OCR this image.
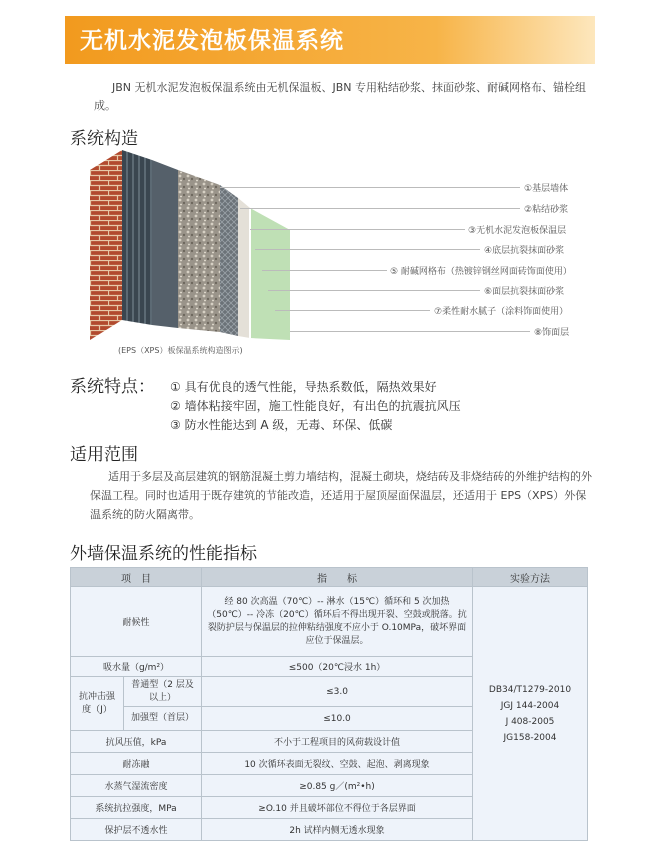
无机水泥发泡板保温系统
JBN 无机水泥发泡板保温系统由无机保温板、JBN 专用粘结砂浆、抹面砂浆、耐碱网格布、锚栓组成。
系统构造
①基层墙体
②粘结砂浆
③无机水泥发泡板保温层
④底层抗裂抹面砂浆
⑤ 耐碱网格布（热镀锌钢丝网面砖饰面使用）
⑥面层抗裂抹面砂浆
⑦柔性耐水腻子（涂料饰面使用）
⑧饰面层
(EPS（XPS）板保温系统构造图示)
系统特点： ① 具有优良的透气性能，导热系数低，隔热效果好
② 墙体粘接牢固，施工性能良好，有出色的抗震抗风压
③ 防水性能达到 A 级，无毒、环保、低碳
适用范围
适用于多层及高层建筑的钢筋混凝土剪力墙结构，混凝土砌块，烧结砖及非烧结砖的外维护结构的外保温工程。同时也适用于既存建筑的节能改造，还适用于屋顶屋面保温层，还适用于 EPS（XPS）外保温系统的防火隔离带。
外墙保温系统的性能指标
项　目		指　　标	实验方法
耐候性		经 80 次高温（70℃）-- 淋水（15℃）循环和 5 次加热（50℃）-- 冷冻（20℃）循环后不得出现开裂、空鼓或脱落。抗裂防护层与保温层的拉伸粘结强度不应小于 O.10MPa，破坏界面应位于保温层。	DB34/T1279-2010
JGJ 144-2004
J 408-2005
JG158-2004

吸水量（g/m²）		≤500（20℃浸水 1h）	
抗冲击强度（J）	普通型（2 层及以上）	≤3.0	
	加强型（首层）	≤10.0	
抗风压值，kPa		不小于工程项目的风荷载设计值	
耐冻融		10 次循环表面无裂纹、空鼓、起泡、剥离现象	
水蒸气湿流密度		≥0.85 g／(m²•h)	
系统抗拉强度，MPa		≥O.10 并且破坏部位不得位于各层界面	
保护层不透水性		2h 试样内侧无透水现象	
